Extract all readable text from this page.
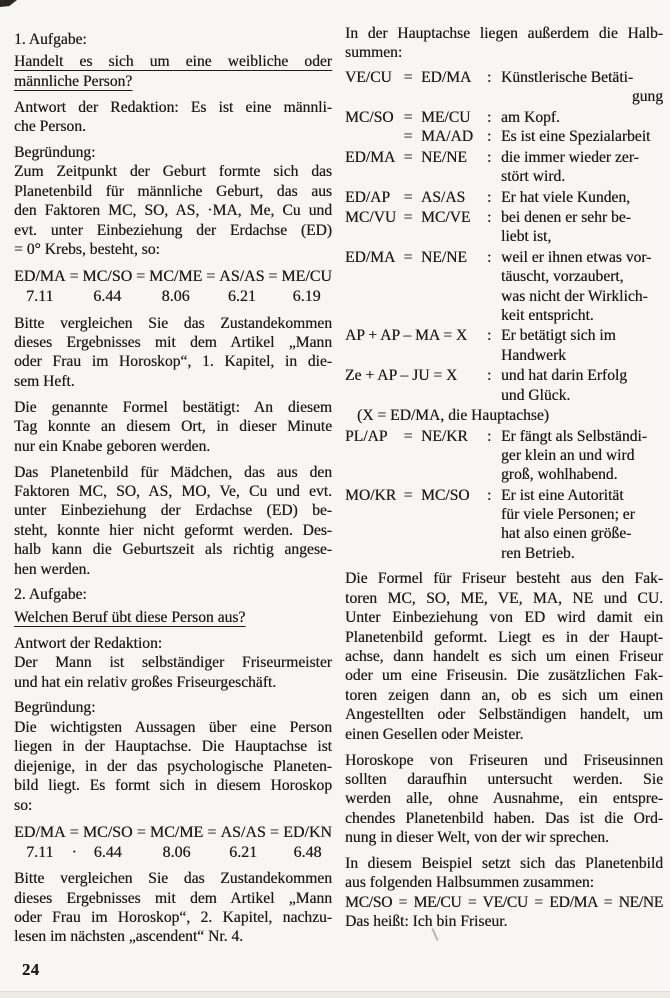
1. Aufgabe:
Handelt es sich um eine weibliche oder
männliche Person?
Antwort der Redaktion: Es ist eine männli-
che Person.
Begründung:
Zum Zeitpunkt der Geburt formte sich das
Planetenbild für männliche Geburt, das aus
den Faktoren MC, SO, AS, ·MA, Me, Cu und
evt. unter Einbeziehung der Erdachse (ED)
= 0° Krebs, besteht, so:
ED/MA = MC/SO = MC/ME = AS/AS = ME/CU
7.11 6.44	8.06 6.21 6.19
Bitte vergleichen Sie das Zustandekommen
dieses Ergebnisses mit dem Artikel „Mann
oder Frau im Horoskop“, 1. Kapitel, in die-
sem Heft.
Die genannte Formel bestätigt: An diesem
Tag konnte an diesem Ort, in dieser Minute
nur ein Knabe geboren werden.
Das Planetenbild für Mädchen, das aus den
Faktoren MC, SO, AS, MO, Ve, Cu und evt.
unter Einbeziehung der Erdachse (ED) be-
steht, konnte hier nicht geformt werden. Des-
halb kann die Geburtszeit als richtig angese-
hen werden.
2. Aufgabe:
Welchen Beruf übt diese Person aus?
Antwort der Redaktion:
Der Mann ist selbständiger Friseurmeister
und hat ein relativ großes Friseurgeschäft.
Begründung:
Die wichtigsten Aussagen über eine Person
liegen in der Hauptachse. Die Hauptachse ist
diejenige, in der das psychologische Planeten-
bild liegt. Es formt sich in diesem Horoskop
so:
ED/MA = MC/SO = MC/ME = AS/AS = ED/KN
7.11 · 6.44	8.06 6.21 6.48
Bitte vergleichen Sie das Zustandekommen
dieses Ergebnisses mit dem Artikel „Mann
oder Frau im Horoskop“, 2. Kapitel, nachzu-
lesen im nächsten „ascendent“ Nr. 4.
In der Hauptachse liegen außerdem die Halb-
summen:
VE/CU = ED/MA	: Künstlerische Betäti-
gung
MC/SO = ME/CU	: am Kopf.
= MA/AD : Es ist eine Spezialarbeit
ED/MA = NE/NE	: die immer wieder zer-
stört wird.
ED/AP = AS/AS	: Er hat viele Kunden,
MC/VU = MC/VE	: bei denen er sehr be-
liebt ist,
ED/MA = NE/NE	: weil er ihnen etwas vor-
täuscht, vorzaubert,
was nicht der Wirklich-
keit entspricht.
AP + AP – MA = X	: Er betätigt sich im
Handwerk
Ze + AP – JU = X	: und hat darin Erfolg
und Glück.
(X = ED/MA, die Hauptachse)
PL/AP	= NE/KR	: Er fängt als Selbständi-
ger klein an und wird
groß, wohlhabend.
MO/KR = MC/SO	: Er ist eine Autorität
für viele Personen; er
hat also einen größe-
ren Betrieb.
Die Formel für Friseur besteht aus den Fak-
toren MC, SO, ME, VE, MA, NE und CU.
Unter Einbeziehung von ED wird damit ein
Planetenbild geformt. Liegt es in der Haupt-
achse, dann handelt es sich um einen Friseur
oder um eine Friseusin. Die zusätzlichen Fak-
toren zeigen dann an, ob es sich um einen
Angestellten oder Selbständigen handelt, um
einen Gesellen oder Meister.
Horoskope von Friseuren und Friseusinnen
sollten daraufhin untersucht werden. Sie
werden alle, ohne Ausnahme, ein entspre-
chendes Planetenbild haben. Das ist die Ord-
nung in dieser Welt, von der wir sprechen.
In diesem Beispiel setzt sich das Planetenbild
aus folgenden Halbsummen zusammen:
MC/SO = ME/CU = VE/CU = ED/MA = NE/NE
Das heißt: Ich bin Friseur.
24
